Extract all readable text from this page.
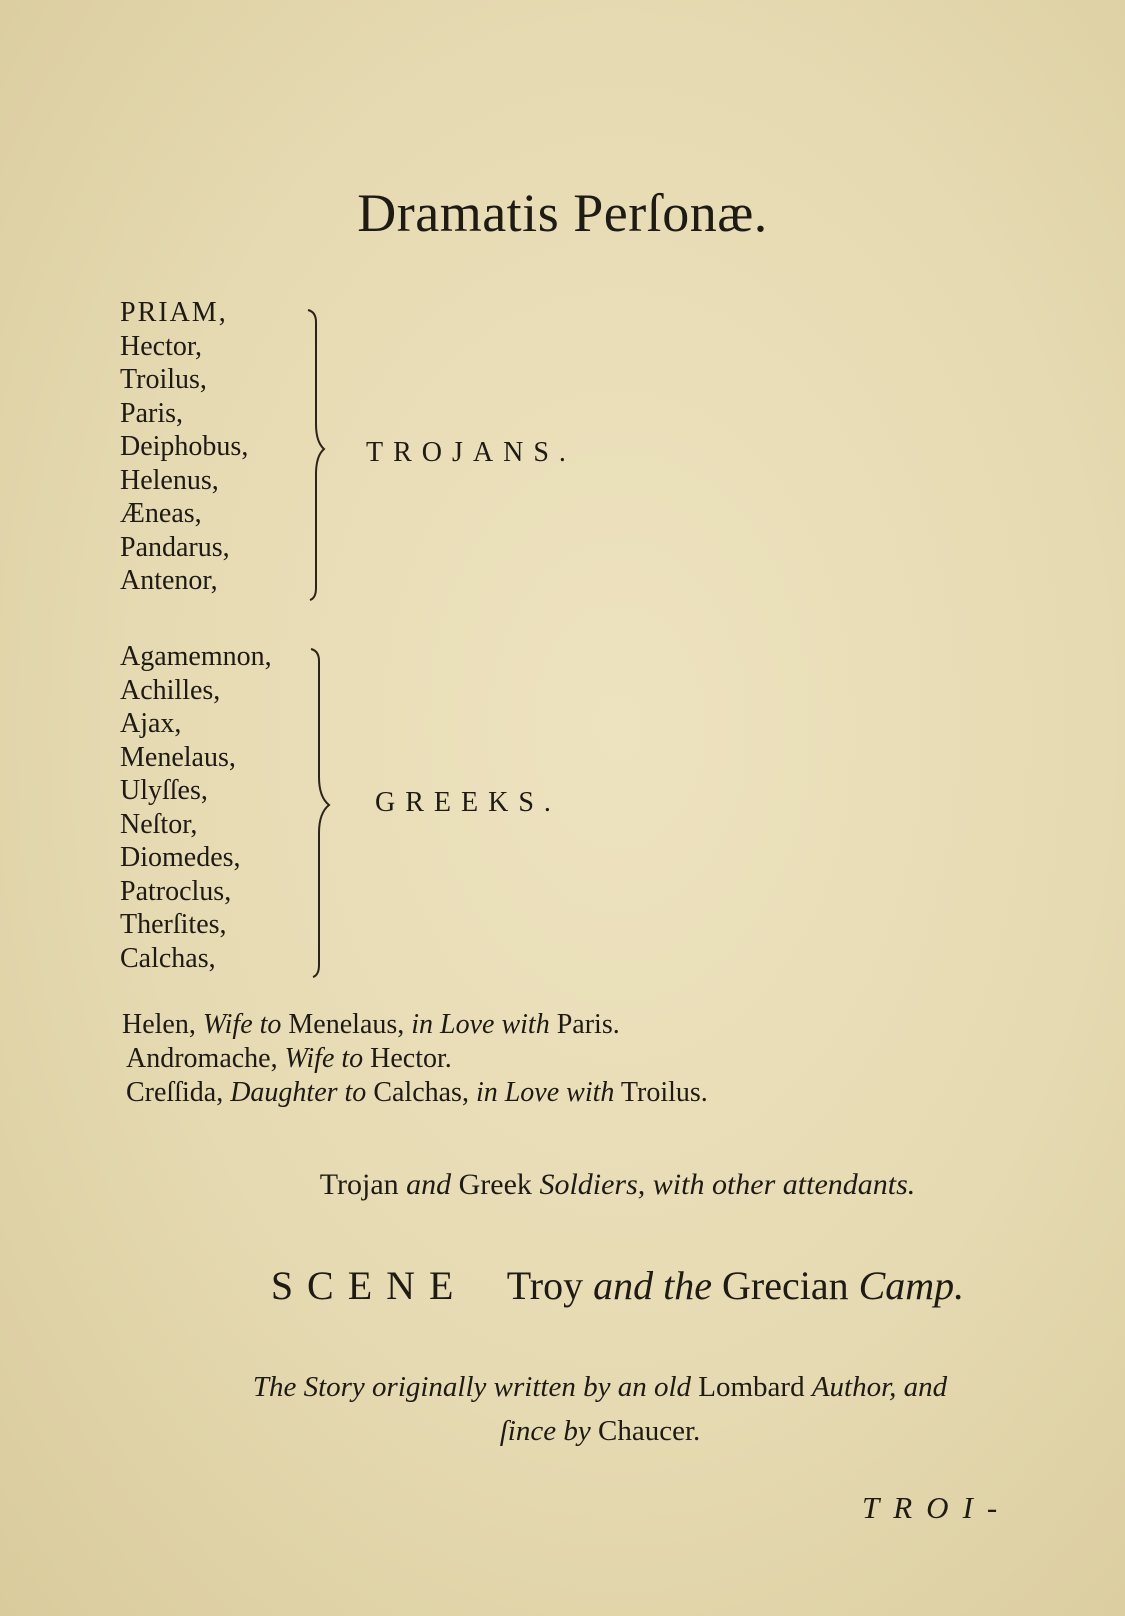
Dramatis Perſonæ.
PRIAM,
Hector,
Troilus,
Paris,
Deiphobus,
Helenus,
Æneas,
Pandarus,
Antenor,
TROJANS.
Agamemnon,
Achilles,
Ajax,
Menelaus,
Ulyſſes,
Neſtor,
Diomedes,
Patroclus,
Therſites,
Calchas,
GREEKS.
Helen, Wife to Menelaus, in Love with Paris.
Andromache, Wife to Hector.
Creſſida, Daughter to Calchas, in Love with Troilus.
Trojan and Greek Soldiers, with other attendants.
SCENE Troy and the Grecian Camp.
The Story originally written by an old Lombard Author, and
ſince by Chaucer.
TROI-
